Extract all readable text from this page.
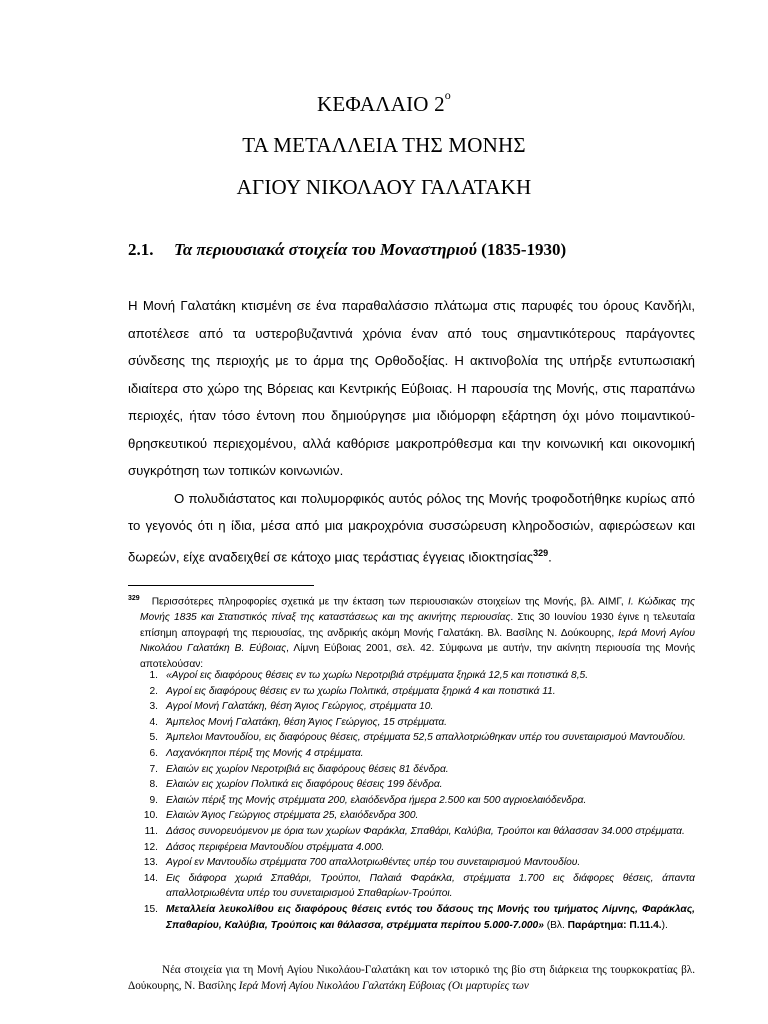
ΚΕΦΑΛΑΙΟ $2^o$
ΤΑ ΜΕΤΑΛΛΕΙΑ ΤΗΣ ΜΟΝΗΣ
ΑΓΙΟΥ ΝΙΚΟΛΑΟΥ ΓΑΛΑΤΑΚΗ
2.1. Τα περιουσιακά στοιχεία του Μοναστηριού (1835-1930)

Η Μονή Γαλατάκη κτισμένη σε ένα παραθαλάσσιο πλάτωμα στις παρυφές του όρους Κανδήλι, αποτέλεσε από τα υστεροβυζαντινά χρόνια έναν από τους σημαντικότερους παράγοντες σύνδεσης της περιοχής με το άρμα της Ορθοδοξίας. Η ακτινοβολία της υπήρξε εντυπωσιακή ιδιαίτερα στο χώρο της Βόρειας και Κεντρικής Εύβοιας. Η παρουσία της Μονής, στις παραπάνω περιοχές, ήταν τόσο έντονη που δημιούργησε μια ιδιόμορφη εξάρτηση όχι μόνο ποιμαντικού-θρησκευτικού περιεχομένου, αλλά καθόρισε μακροπρόθεσμα και την κοινωνική και οικονομική συγκρότηση των τοπικών κοινωνιών.

Ο πολυδιάστατος και πολυμορφικός αυτός ρόλος της Μονής τροφοδοτήθηκε κυρίως από το γεγονός ότι η ίδια, μέσα από μια μακροχρόνια συσσώρευση κληροδοσιών, αφιερώσεων και δωρεών, είχε αναδειχθεί σε κάτοχο μιας τεράστιας έγγειας ιδιοκτησίας$^{329}$.

$^{329}$ Περισσότερες πληροφορίες σχετικά με την έκταση των περιουσιακών στοιχείων της Μονής, βλ. ΑΙΜΓ, Ι. Κώδικας της Μονής 1835 και Στατιστικός πίναξ της καταστάσεως και της ακινήτης περιουσίας. Στις 30 Ιουνίου 1930 έγινε η τελευταία επίσημη απογραφή της περιουσίας, της ανδρικής ακόμη Μονής Γαλατάκη. Βλ. Βασίλης Ν. Δούκουρης, Ιερά Μονή Αγίου Νικολάου Γαλατάκη Β. Εύβοιας, Λίμνη Εύβοιας 2001, σελ. 42. Σύμφωνα με αυτήν, την ακίνητη περιουσία της Μονής αποτελούσαν:
1. «Αγροί εις διαφόρους θέσεις εν τω χωρίω Νεροτριβιά στρέμματα ξηρικά 12,5 και ποτιστικά 8,5.
2. Αγροί εις διαφόρους θέσεις εν τω χωρίω Πολιτικά, στρέμματα ξηρικά 4 και ποτιστικά 11.
3. Αγροί Μονή Γαλατάκη, θέση Άγιος Γεώργιος, στρέμματα 10.
4. Άμπελος Μονή Γαλατάκη, θέση Άγιος Γεώργιος, 15 στρέμματα.
5. Άμπελοι Μαντουδίου, εις διαφόρους θέσεις, στρέμματα 52,5 απαλλοτριώθηκαν υπέρ του συνεταιρισμού Μαντουδίου.
6. Λαχανόκηποι πέριξ της Μονής 4 στρέμματα.
7. Ελαιών εις χωρίον Νεροτριβιά εις διαφόρους θέσεις 81 δένδρα.
8. Ελαιών εις χωρίον Πολιτικά εις διαφόρους θέσεις 199 δένδρα.
9. Ελαιών πέριξ της Μονής στρέμματα 200, ελαιόδενδρα ήμερα 2.500 και 500 αγριοελαιόδενδρα.
10. Ελαιών Άγιος Γεώργιος στρέμματα 25, ελαιόδενδρα 300.
11. Δάσος συνορευόμενον με όρια των χωρίων Φαράκλα, Σπαθάρι, Καλύβια, Τρούποι και θάλασσαν 34.000 στρέμματα.
12. Δάσος περιφέρεια Μαντουδίου στρέμματα 4.000.
13. Αγροί εν Μαντουδίω στρέμματα 700 απαλλοτριωθέντες υπέρ του συνεταιρισμού Μαντουδίου.
14. Εις διάφορα χωριά Σπαθάρι, Τρούποι, Παλαιά Φαράκλα, στρέμματα 1.700 εις διάφορες θέσεις, άπαντα απαλλοτριωθέντα υπέρ του συνεταιρισμού Σπαθαρίων-Τρούποι.
15. Μεταλλεία λευκολίθου εις διαφόρους θέσεις εντός του δάσους της Μονής του τμήματος Λίμνης, Φαράκλας, Σπαθαρίου, Καλύβια, Τρούποις και θάλασσα, στρέμματα περίπου 5.000-7.000» (Βλ. Παράρτημα: Π.11.4.).

Νέα στοιχεία για τη Μονή Αγίου Νικολάου-Γαλατάκη και τον ιστορικό της βίο στη διάρκεια της τουρκοκρατίας βλ. Δούκουρης, Ν. Βασίλης Ιερά Μονή Αγίου Νικολάου Γαλατάκη Εύβοιας (Οι μαρτυρίες των
